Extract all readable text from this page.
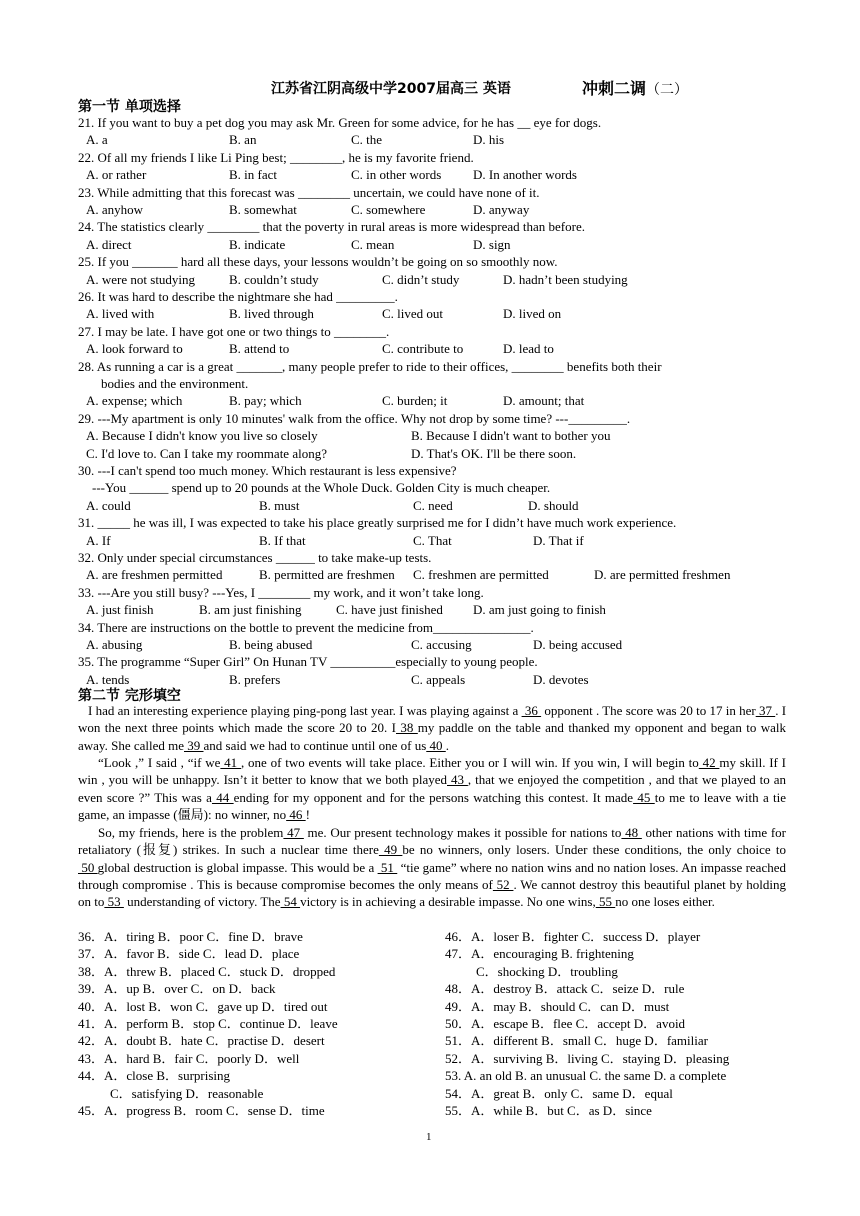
江苏省江阴高级中学2007届高三 英语	冲刺二调（二）
第一节 单项选择
21. If you want to buy a pet dog you may ask Mr. Green for some advice, for he has __ eye for dogs.
A. a	B. an	C. the	D. his
22. Of all my friends I like Li Ping best; ________, he is my favorite friend.
A. or rather	B. in fact	C. in other words D. In another words
23. While admitting that this forecast was ________ uncertain, we could have none of it.
A. anyhow	B. somewhat	C. somewhere	D. anyway
24. The statistics clearly ________ that the poverty in rural areas is more widespread than before.
A. direct	B. indicate	C. mean	D. sign
25. If you _______ hard all these days, your lessons wouldn’t be going on so smoothly now.
A. were not studying	B. couldn’t study	C. didn’t study	D. hadn’t been studying
26. It was hard to describe the nightmare she had _________.
A. lived with	B. lived through	C. lived out	D. lived on
27. I may be late. I have got one or two things to ________.
A. look forward to	B. attend to	C. contribute to	D. lead to
28. As running a car is a great _______, many people prefer to ride to their offices, ________ benefits both their
bodies and the environment.
A. expense; which	B. pay; which	C. burden; it	D. amount; that
29. ---My apartment is only 10 minutes' walk from the office. Why not drop by some time? ---_________.
A. Because I didn't know you live so closely	B. Because I didn't want to bother you
C. I'd love to. Can I take my roommate along?	D. That's OK. I'll be there soon.
30. ---I can't spend too much money. Which restaurant is less expensive?
---You ______ spend up to 20 pounds at the Whole Duck. Golden City is much cheaper.
A. could	B. must	C. need	D. should
31. _____ he was ill, I was expected to take his place greatly surprised me for I didn’t have much work experience.
A. If	B. If that	C. That	D. That if
32. Only under special circumstances ______ to take make-up tests.
A. are freshmen permitted	B. permitted are freshmen C. freshmen are permitted	D. are permitted freshmen
33. ---Are you still busy? ---Yes, I ________ my work, and it won’t take long.
A. just finish	B. am just finishing	C. have just finished D. am just going to finish
34. There are instructions on the bottle to prevent the medicine from_______________.
A. abusing	B. being abused	C. accusing	D. being accused
35. The programme “Super Girl” On Hunan TV __________especially to young people.
A. tends	B. prefers	C. appeals	D. devotes
第二节 完形填空
I had an interesting experience playing ping-pong last year. I was playing against a  36  opponent . The score was 20 to 17 in her 37 . I won the next three points which made the score 20 to 20. I 38 my paddle on the table and thanked my opponent and began to walk away. She called me 39 and said we had to continue until one of us 40 .
“Look ,” I said , “if we 41 , one of two events will take place. Either you or I will win. If you win, I will begin to 42 my skill. If I win , you will be unhappy. Isn’t it better to know that we both played 43 , that we enjoyed the competition , and that we played to an even score ?” This was a 44 ending for my opponent and for the persons watching this contest. It made 45 to me to leave with a tie game, an impasse (僵局): no winner, no 46 !
So, my friends, here is the problem 47  me. Our present technology makes it possible for nations to 48  other nations with time for retaliatory (报复) strikes. In such a nuclear time there 49 be no winners, only losers. Under these conditions, the only choice to  50 global destruction is global impasse. This would be a  51  “tie game” where no nation wins and no nation loses. An impasse reached through compromise . This is because compromise becomes the only means of 52 . We cannot destroy this beautiful planet by holding on to 53  understanding of victory. The 54 victory is in achieving a desirable impasse. No one wins, 55 no one loses either.
36．A．tiring B．poor C．fine D．brave
37．A．favor B．side C．lead D．place
38．A．threw B．placed C．stuck D．dropped
39．A．up B．over C．on D．back
40．A．lost B．won C．gave up D．tired out
41．A．perform B．stop C．continue D．leave
42．A．doubt B．hate C．practise D．desert
43．A．hard B．fair C．poorly D．well
44．A．close B．surprising
C．satisfying D．reasonable
45．A．progress B．room C．sense D．time
46．A．loser B．fighter C．success D．player
47．A．encouraging B. frightening
C．shocking D．troubling
48．A．destroy B．attack C．seize D．rule
49．A．may B．should C．can D．must
50．A．escape B．flee C．accept D．avoid
51．A．different B．small C．huge D．familiar
52．A．surviving B．living C．staying D．pleasing
53. A. an old B. an unusual C. the same D. a complete
54．A．great B．only C．same D．equal
55．A．while B．but C．as D．since
1
